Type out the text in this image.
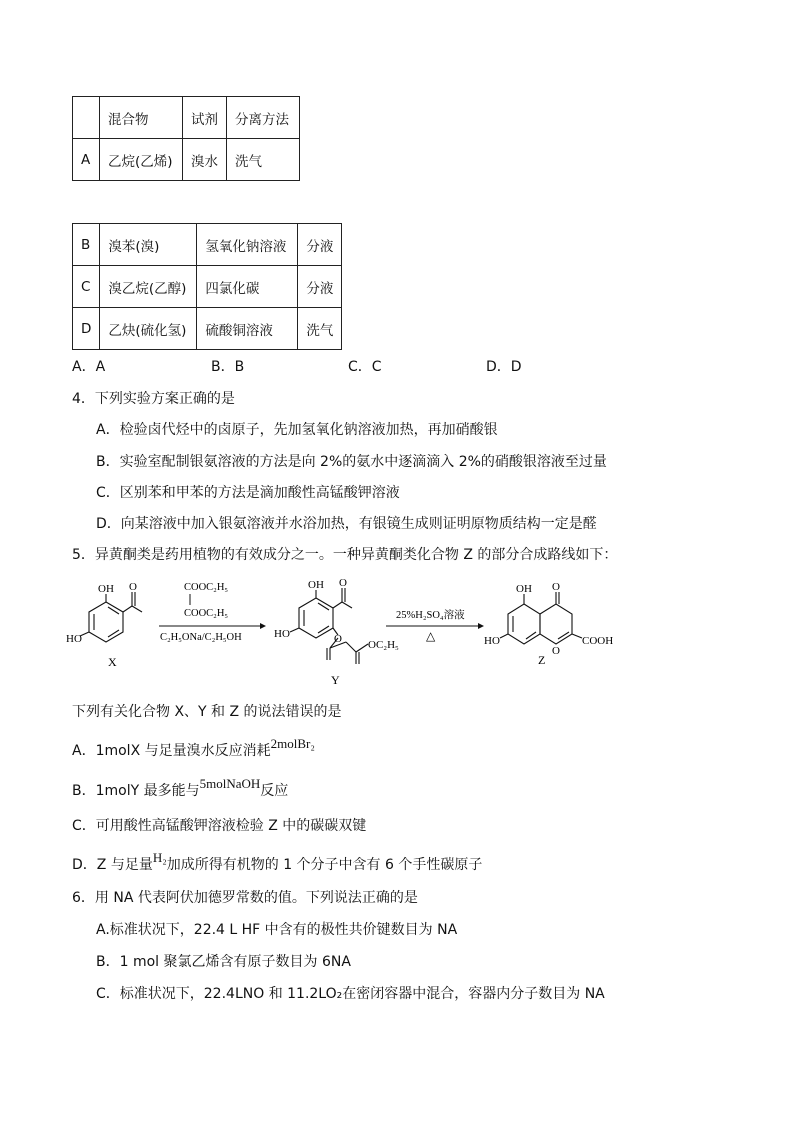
	混合物	试剂	分离方法
A	乙烷(乙烯)	溴水	洗气
B	溴苯(溴)	氢氧化钠溶液	分液
C	溴乙烷(乙醇)	四氯化碳	分液
D	乙炔(硫化氢)	硫酸铜溶液	洗气
A．A	B．B	C．C	D．D
4．下列实验方案正确的是
A．检验卤代烃中的卤原子，先加氢氧化钠溶液加热，再加硝酸银
B．实验室配制银氨溶液的方法是向 2%的氨水中逐滴滴入 2%的硝酸银溶液至过量
C．区别苯和甲苯的方法是滴加酸性高锰酸钾溶液
D．向某溶液中加入银氨溶液并水浴加热，有银镜生成则证明原物质结构一定是醛
5．异黄酮类是药用植物的有效成分之一。一种异黄酮类化合物 Z 的部分合成路线如下：
OH O
HO
X
COOC₂H₅
COOC₂H₅
C₂H₅ONa/C₂H₅OH
OH O
HO	O OC₂H₅
Y
25%H₂SO₄溶液
△
OH O
HO
O
COOH
Z
下列有关化合物 X、Y 和 Z 的说法错误的是
A．1molX 与足量溴水反应消耗2molBr₂
B．1molY 最多能与5molNaOH反应
C．可用酸性高锰酸钾溶液检验 Z 中的碳碳双键
D．Z 与足量H₂加成所得有机物的 1 个分子中含有 6 个手性碳原子
6．用 NA 代表阿伏加德罗常数的值。下列说法正确的是
A.标准状况下，22.4 L HF 中含有的极性共价键数目为 NA
B．1 mol 聚氯乙烯含有原子数目为 6NA
C．标准状况下，22.4LNO 和 11.2LO₂在密闭容器中混合，容器内分子数目为 NA
